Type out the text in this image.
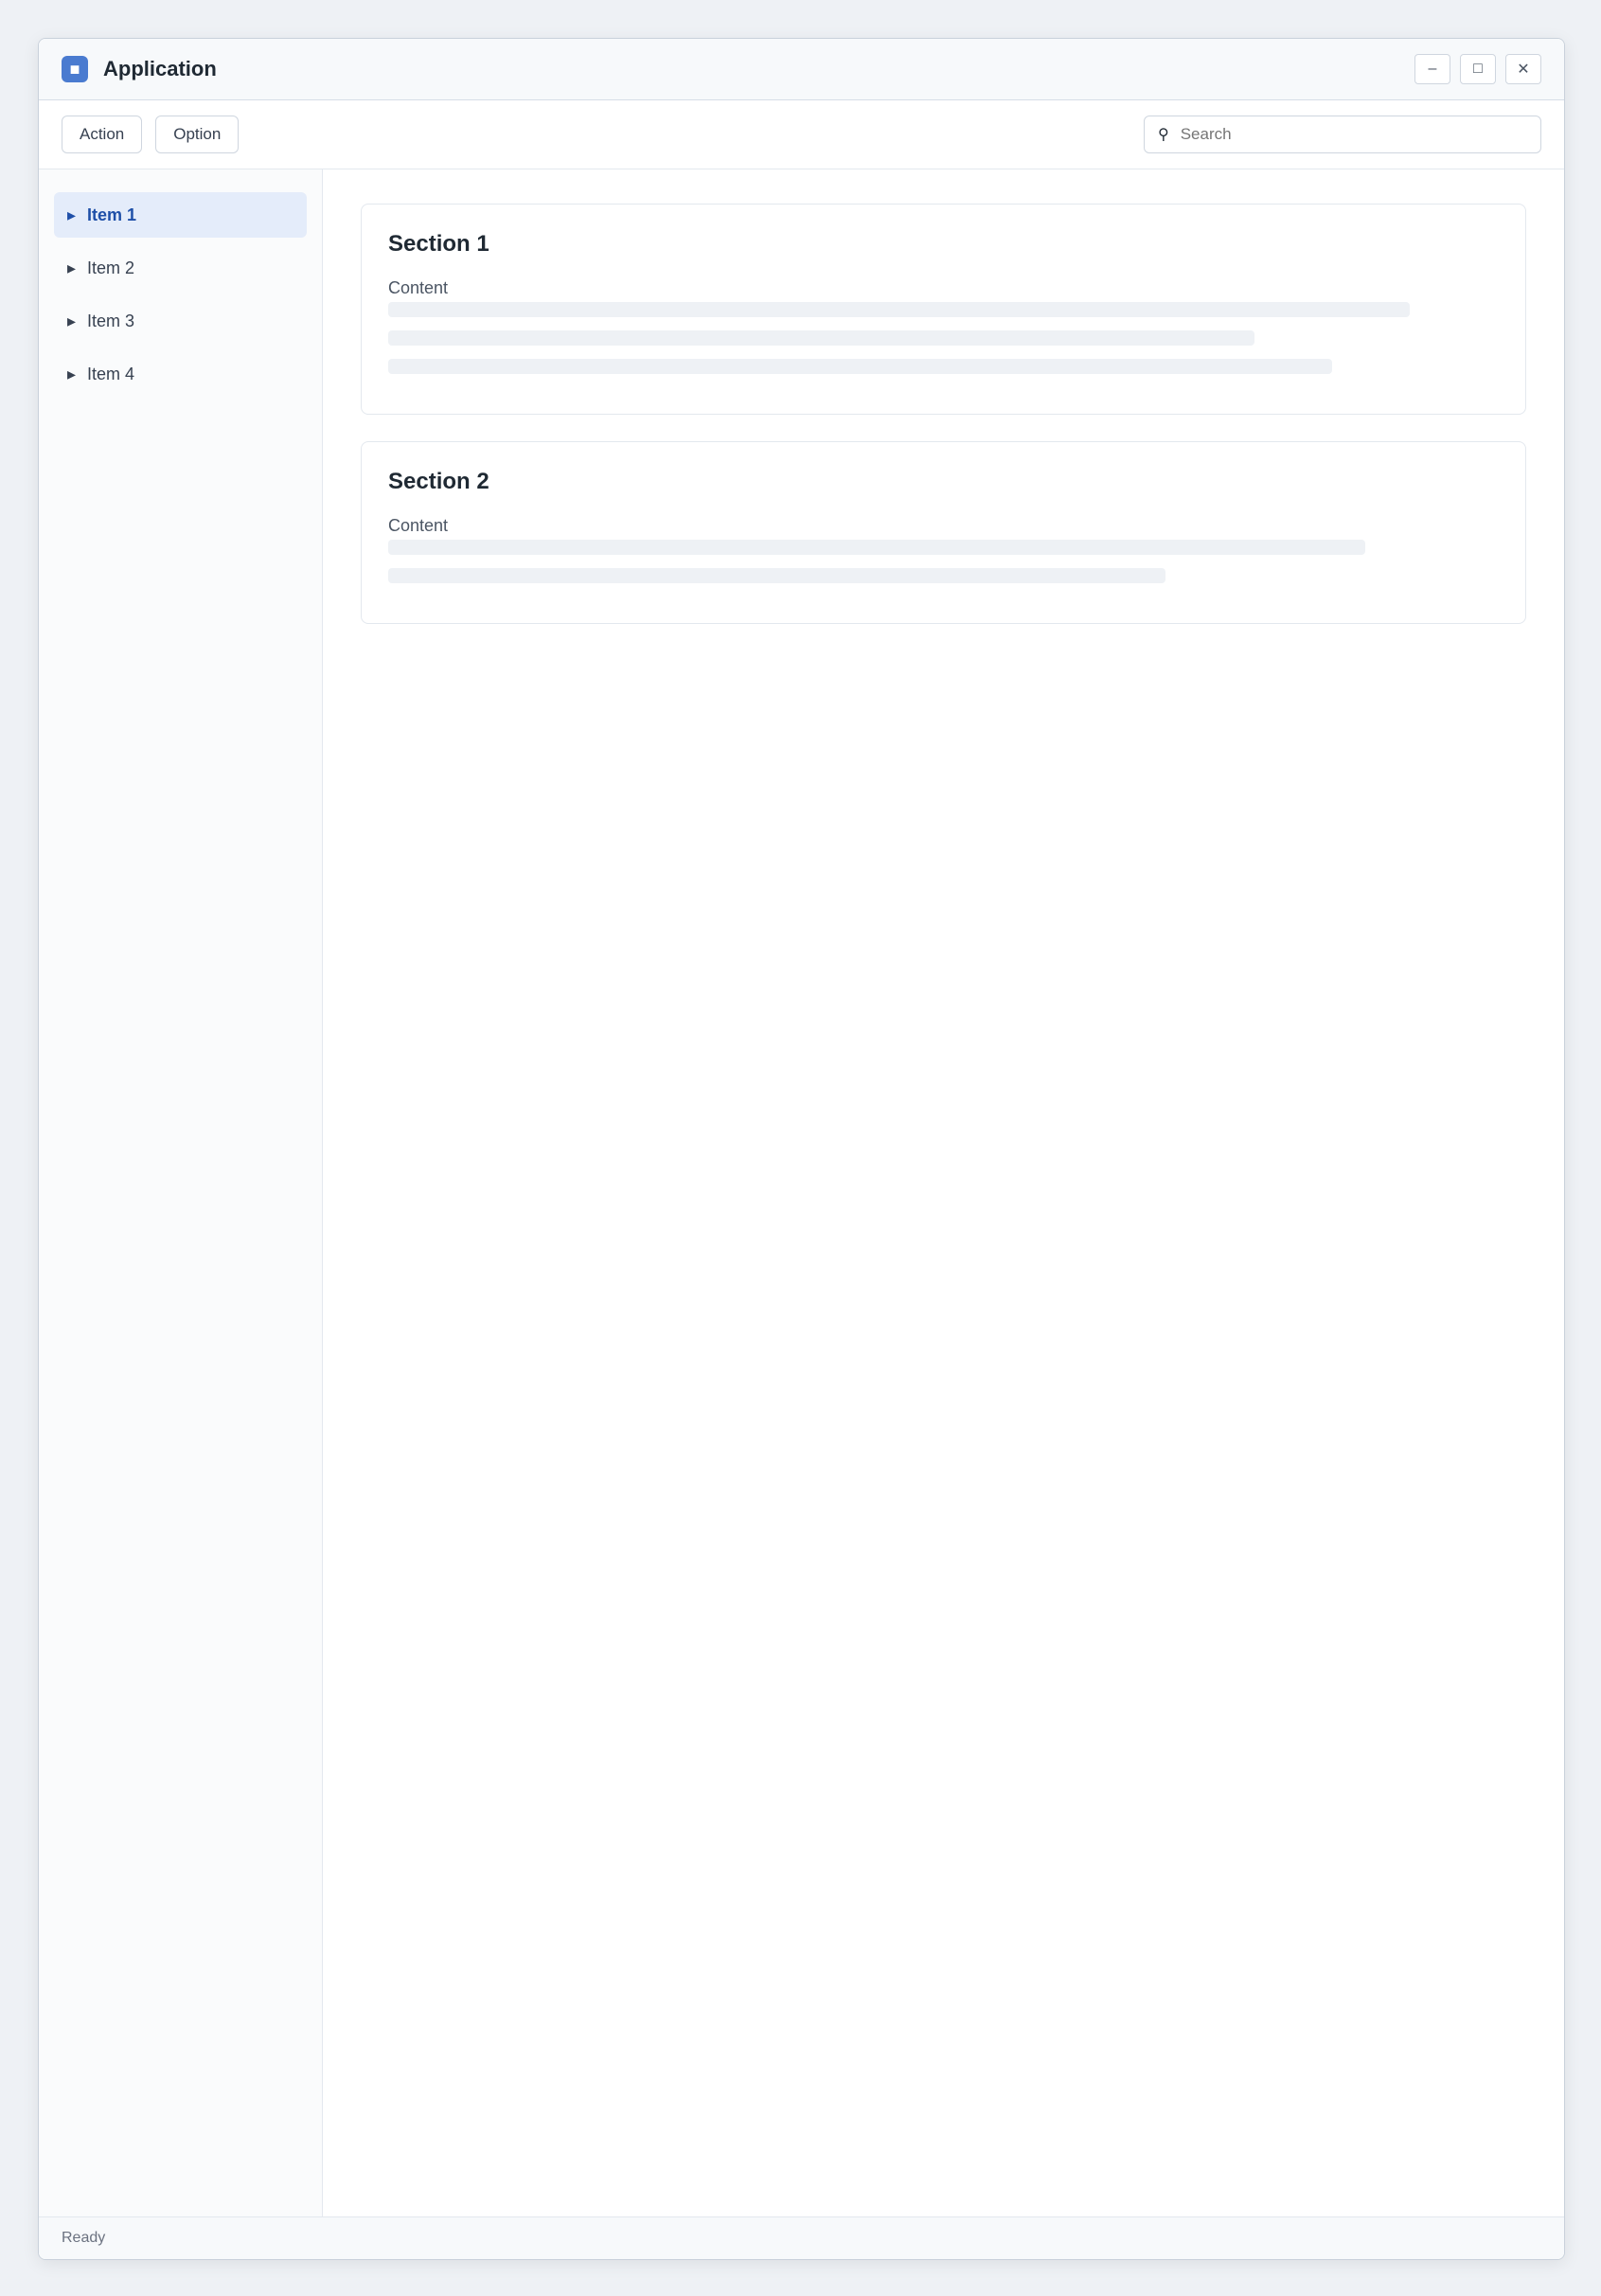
■	Application	–	□	✕
Action	Option	⚲
Search
▸ Item 1
▸ Item 2
▸ Item 3
▸ Item 4
Section 1
Content
Section 2
Content
Ready
